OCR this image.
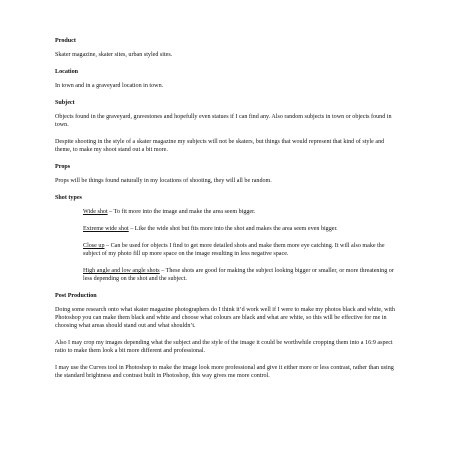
Product
Skater magazine, skater sites, urban styled sites.
Location
In town and in a graveyard location in town.
Subject
Objects found in the graveyard, gravestones and hopefully even statues if I can find any. Also random subjects in town or objects found in town.
Despite shooting in the style of a skater magazine my subjects will not be skaters, but things that would represent that kind of style and theme, to make my shoot stand out a bit more.
Props
Props will be things found naturally in my locations of shooting, they will all be random.
Shot types
Wide shot – To fit more into the image and make the area seem bigger.
Extreme wide shot – Like the wide shot but fits more into the shot and makes the area seem even bigger.
Close up – Can be used for objects I find to get more detailed shots and make them more eye catching. It will also make the subject of my photo fill up more space on the image resulting in less negative space.
High angle and low angle shots – These shots are good for making the subject looking bigger or smaller, or more threatening or less depending on the shot and the subject.
Post Production
Doing some research onto what skater magazine photographers do I think it’d work well if I were to make my photos black and white, with Photoshop you can make them black and white and choose what colours are black and what are white, so this will be effective for me in choosing what areas should stand out and what shouldn’t.
Also I may crop my images depending what the subject and the style of the image it could be worthwhile cropping them into a 16:9 aspect ratio to make them look a bit more different and professional.
I may use the Curves tool in Photoshop to make the image look more professional and give it either more or less contrast, rather than using the standard brightness and contrast built in Photoshop, this way gives me more control.
